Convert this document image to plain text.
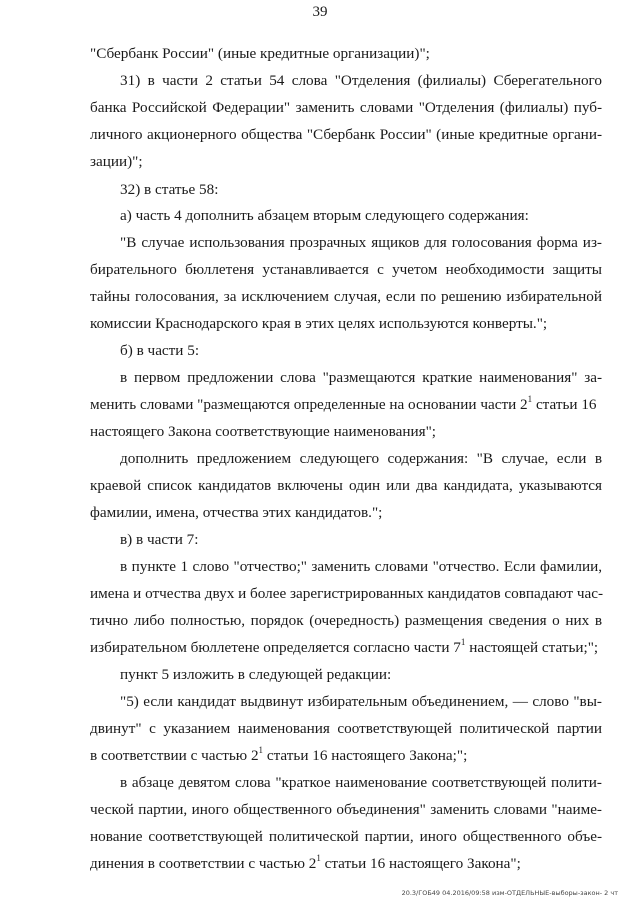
39
"Сбербанк России" (иные кредитные организации)";
31) в части 2 статьи 54 слова "Отделения (филиалы) Сберегательного
банка Российской Федерации" заменить словами "Отделения (филиалы) пуб-
личного акционерного общества "Сбербанк России" (иные кредитные органи-
зации)";
32) в статье 58:
а) часть 4 дополнить абзацем вторым следующего содержания:
"В случае использования прозрачных ящиков для голосования форма из-
бирательного бюллетеня устанавливается с учетом необходимости защиты
тайны голосования, за исключением случая, если по решению избирательной
комиссии Краснодарского края в этих целях используются конверты.";
б) в части 5:
в первом предложении слова "размещаются краткие наименования" за-
менить словами "размещаются определенные на основании части $2^1$ статьи 16
настоящего Закона соответствующие наименования";
дополнить предложением следующего содержания: "В случае, если в
краевой список кандидатов включены один или два кандидата, указываются
фамилии, имена, отчества этих кандидатов.";
в) в части 7:
в пункте 1 слово "отчество;" заменить словами "отчество. Если фамилии,
имена и отчества двух и более зарегистрированных кандидатов совпадают час-
тично либо полностью, порядок (очередность) размещения сведения о них в
избирательном бюллетене определяется согласно части $7^1$ настоящей статьи;";
пункт 5 изложить в следующей редакции:
"5) если кандидат выдвинут избирательным объединением, — слово "вы-
двинут" с указанием наименования соответствующей политической партии
в соответствии с частью $2^1$ статьи 16 настоящего Закона;";
в абзаце девятом слова "краткое наименование соответствующей полити-
ческой партии, иного общественного объединения" заменить словами "наиме-
нование соответствующей политической партии, иного общественного объе-
динения в соответствии с частью $2^1$ статьи 16 настоящего Закона";
20.3/ГОБ49 04.2016/09:58 изм-ОТДЕЛЬНЫЕ-выборы-закон- 2 чт
